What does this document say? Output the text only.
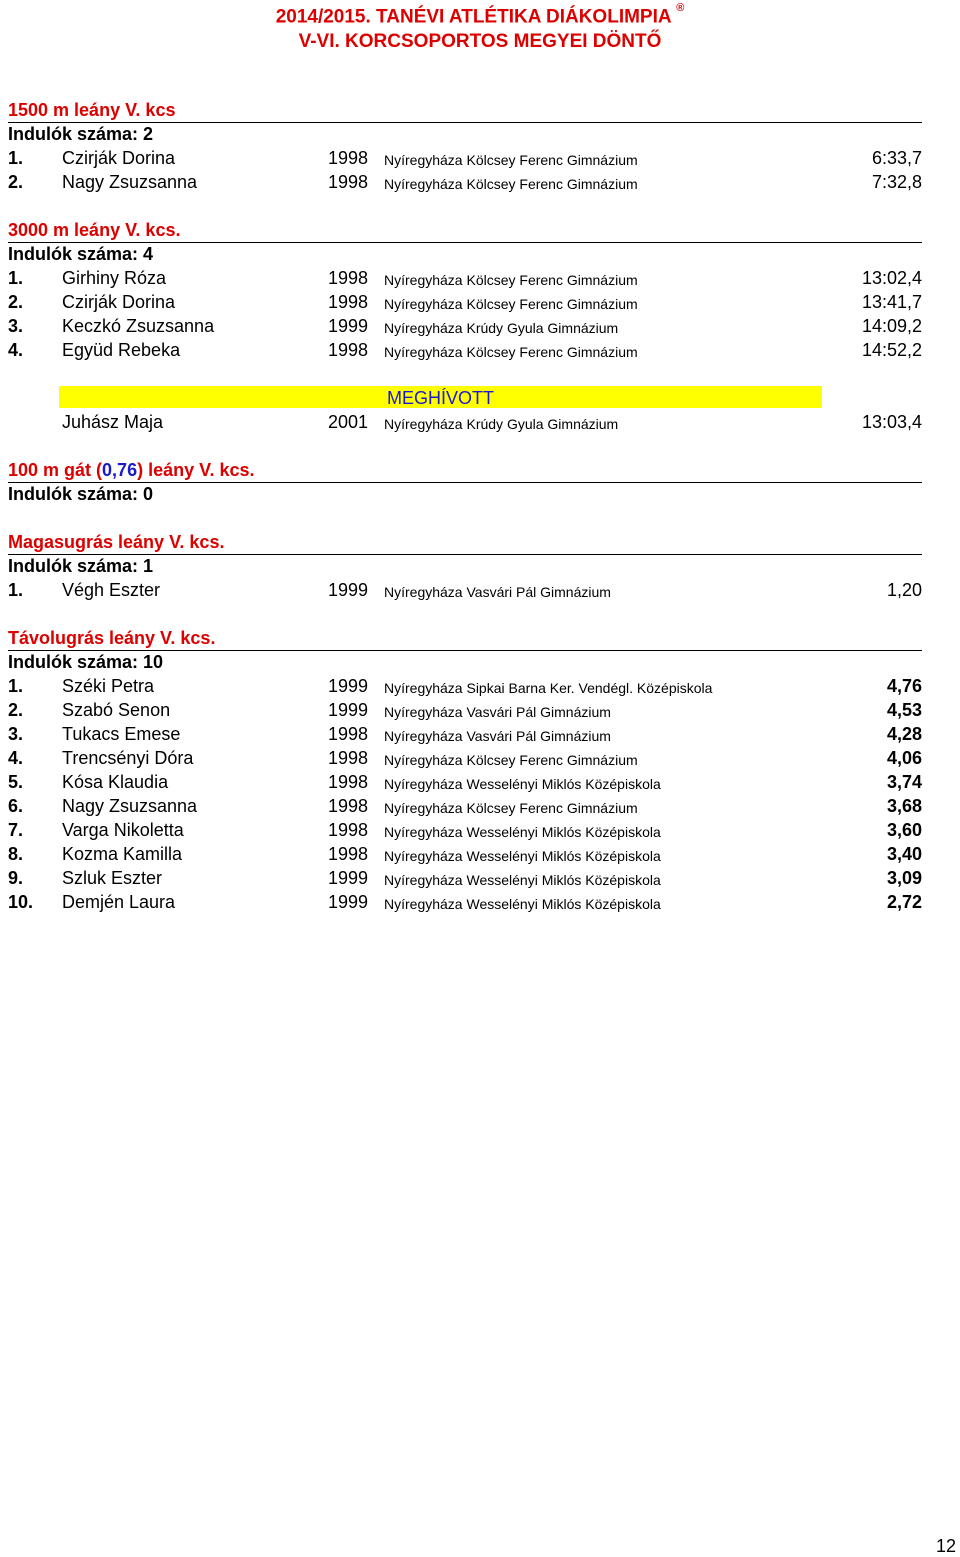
2014/2015. TANÉVI ATLÉTIKA DIÁKOLIMPIA ®
V-VI. KORCSOPORTOS MEGYEI DÖNTŐ
1500 m leány V. kcs
Indulók száma: 2
1. Czirják Dorina	1998 Nyíregyháza Kölcsey Ferenc Gimnázium	6:33,7
2. Nagy Zsuzsanna	1998 Nyíregyháza Kölcsey Ferenc Gimnázium	7:32,8
3000 m leány V. kcs.
Indulók száma: 4
1. Girhiny Róza	1998 Nyíregyháza Kölcsey Ferenc Gimnázium	13:02,4
2. Czirják Dorina	1998 Nyíregyháza Kölcsey Ferenc Gimnázium	13:41,7
3. Keczkó Zsuzsanna	1999 Nyíregyháza Krúdy Gyula Gimnázium	14:09,2
4. Együd Rebeka	1998 Nyíregyháza Kölcsey Ferenc Gimnázium	14:52,2
MEGHÍVOTT
Juhász Maja	2001 Nyíregyháza Krúdy Gyula Gimnázium	13:03,4
100 m gát (0,76) leány V. kcs.
Indulók száma: 0
Magasugrás leány V. kcs.
Indulók száma: 1
1. Végh Eszter	1999 Nyíregyháza Vasvári Pál Gimnázium	1,20
Távolugrás leány V. kcs.
Indulók száma: 10
1. Széki Petra	1999 Nyíregyháza Sipkai Barna Ker. Vendégl. Középiskola	4,76
2. Szabó Senon	1999 Nyíregyháza Vasvári Pál Gimnázium	4,53
3. Tukacs Emese	1998 Nyíregyháza Vasvári Pál Gimnázium	4,28
4. Trencsényi Dóra	1998 Nyíregyháza Kölcsey Ferenc Gimnázium	4,06
5. Kósa Klaudia	1998 Nyíregyháza Wesselényi Miklós Középiskola	3,74
6. Nagy Zsuzsanna	1998 Nyíregyháza Kölcsey Ferenc Gimnázium	3,68
7. Varga Nikoletta	1998 Nyíregyháza Wesselényi Miklós Középiskola	3,60
8. Kozma Kamilla	1998 Nyíregyháza Wesselényi Miklós Középiskola	3,40
9. Szluk Eszter	1999 Nyíregyháza Wesselényi Miklós Középiskola	3,09
10. Demjén Laura	1999 Nyíregyháza Wesselényi Miklós Középiskola	2,72
12
